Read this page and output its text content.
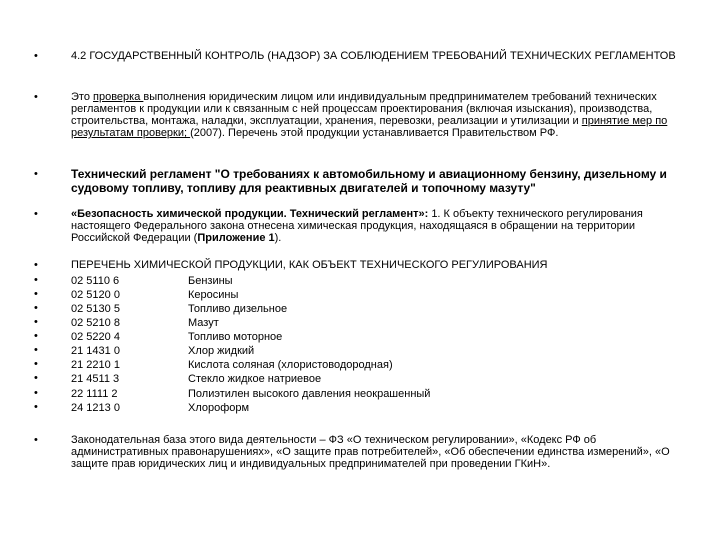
•	4.2 ГОСУДАРСТВЕННЫЙ КОНТРОЛЬ (НАДЗОР) ЗА СОБЛЮДЕНИЕМ ТРЕБОВАНИЙ ТЕХНИЧЕСКИХ РЕГЛАМЕНТОВ
•	Это проверка выполнения юридическим лицом или индивидуальным предпринимателем требований технических регламентов к продукции или к связанным с ней процессам проектирования (включая изыскания), производства, строительства, монтажа, наладки, эксплуатации, хранения, перевозки, реализации и утилизации и принятие мер по результатам проверки; (2007). Перечень этой продукции устанавливается Правительством РФ.
•	Технический регламент "О требованиях к автомобильному и авиационному бензину, дизельному и судовому топливу, топливу для реактивных двигателей и топочному мазуту"
•	«Безопасность химической продукции. Технический регламент»: 1. К объекту технического регулирования настоящего Федерального закона отнесена химическая продукция, находящаяся в обращении на территории Российской Федерации (Приложение 1).
•	ПЕРЕЧЕНЬ ХИМИЧЕСКОЙ ПРОДУКЦИИ, КАК ОБЪЕКТ ТЕХНИЧЕСКОГО РЕГУЛИРОВАНИЯ
•	02 5110 6	Бензины
•	02 5120 0	Керосины
•	02 5130 5	Топливо дизельное
•	02 5210 8	Мазут
•	02 5220 4	Топливо моторное
•	21 1431 0	Хлор жидкий
•	21 2210 1	Кислота соляная (хлористоводородная)
•	21 4511 3	Стекло жидкое натриевое
•	22 1111 2	Полиэтилен высокого давления неокрашенный
•	24 1213 0	Хлороформ
•	Законодательная база этого вида деятельности – ФЗ «О техническом регулировании», «Кодекс РФ об административных правонарушениях», «О защите прав потребителей», «Об обеспечении единства измерений», «О защите прав юридических лиц и индивидуальных предпринимателей при проведении ГКиН».
